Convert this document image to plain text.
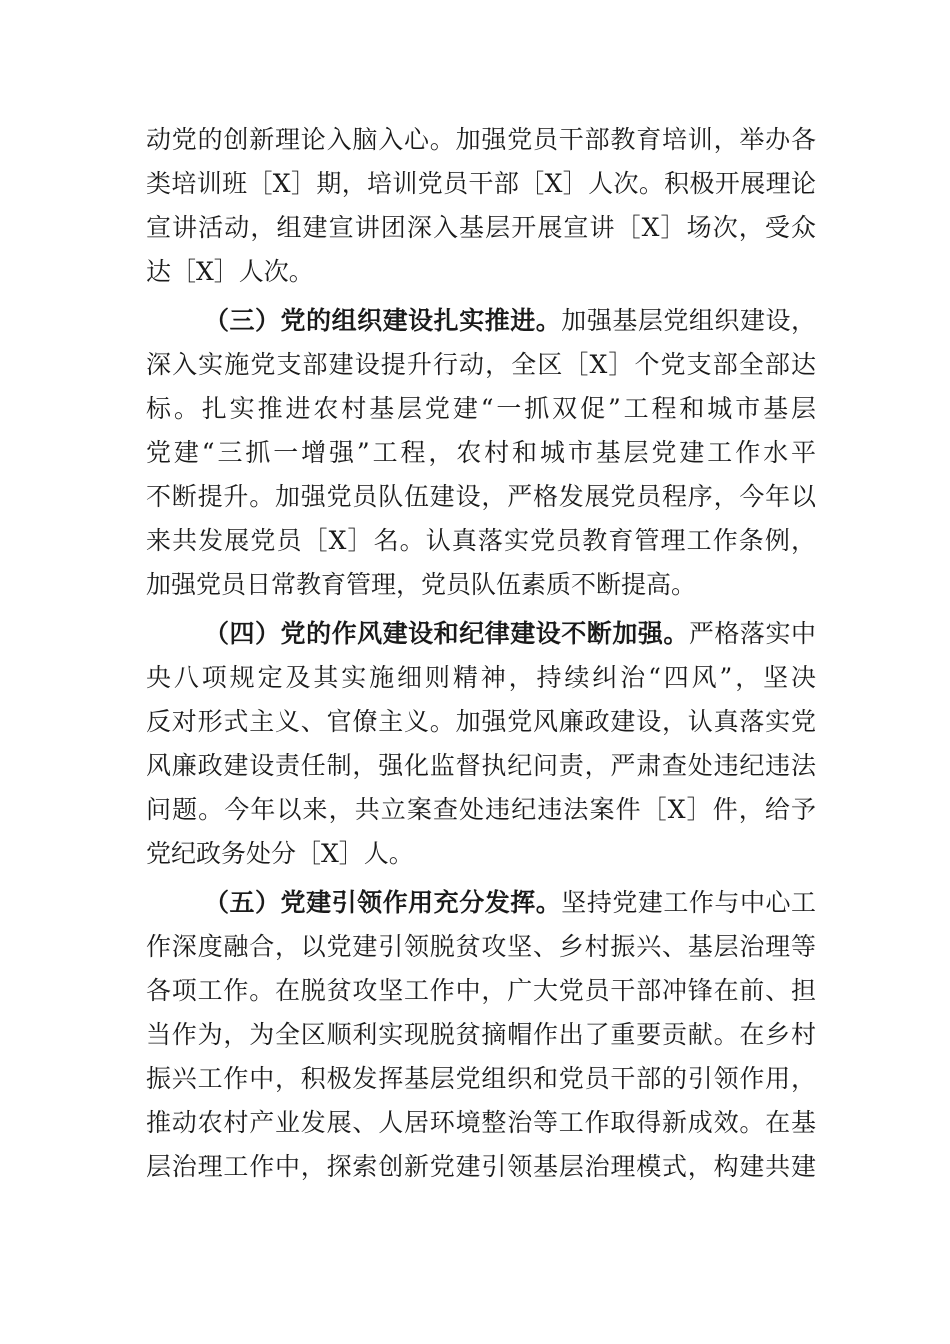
动党的创新理论入脑入心。加强党员干部教育培训，举办各
类培训班［X］期，培训党员干部［X］人次。积极开展理论
宣讲活动，组建宣讲团深入基层开展宣讲［X］场次，受众
达［X］人次。
（三）党的组织建设扎实推进。加强基层党组织建设，
深入实施党支部建设提升行动，全区［X］个党支部全部达
标。扎实推进农村基层党建“一抓双促”工程和城市基层
党建“三抓一增强”工程，农村和城市基层党建工作水平
不断提升。加强党员队伍建设，严格发展党员程序，今年以
来共发展党员［X］名。认真落实党员教育管理工作条例，
加强党员日常教育管理，党员队伍素质不断提高。
（四）党的作风建设和纪律建设不断加强。严格落实中
央八项规定及其实施细则精神，持续纠治“四风”，坚决
反对形式主义、官僚主义。加强党风廉政建设，认真落实党
风廉政建设责任制，强化监督执纪问责，严肃查处违纪违法
问题。今年以来，共立案查处违纪违法案件［X］件，给予
党纪政务处分［X］人。
（五）党建引领作用充分发挥。坚持党建工作与中心工
作深度融合，以党建引领脱贫攻坚、乡村振兴、基层治理等
各项工作。在脱贫攻坚工作中，广大党员干部冲锋在前、担
当作为，为全区顺利实现脱贫摘帽作出了重要贡献。在乡村
振兴工作中，积极发挥基层党组织和党员干部的引领作用，
推动农村产业发展、人居环境整治等工作取得新成效。在基
层治理工作中，探索创新党建引领基层治理模式，构建共建
